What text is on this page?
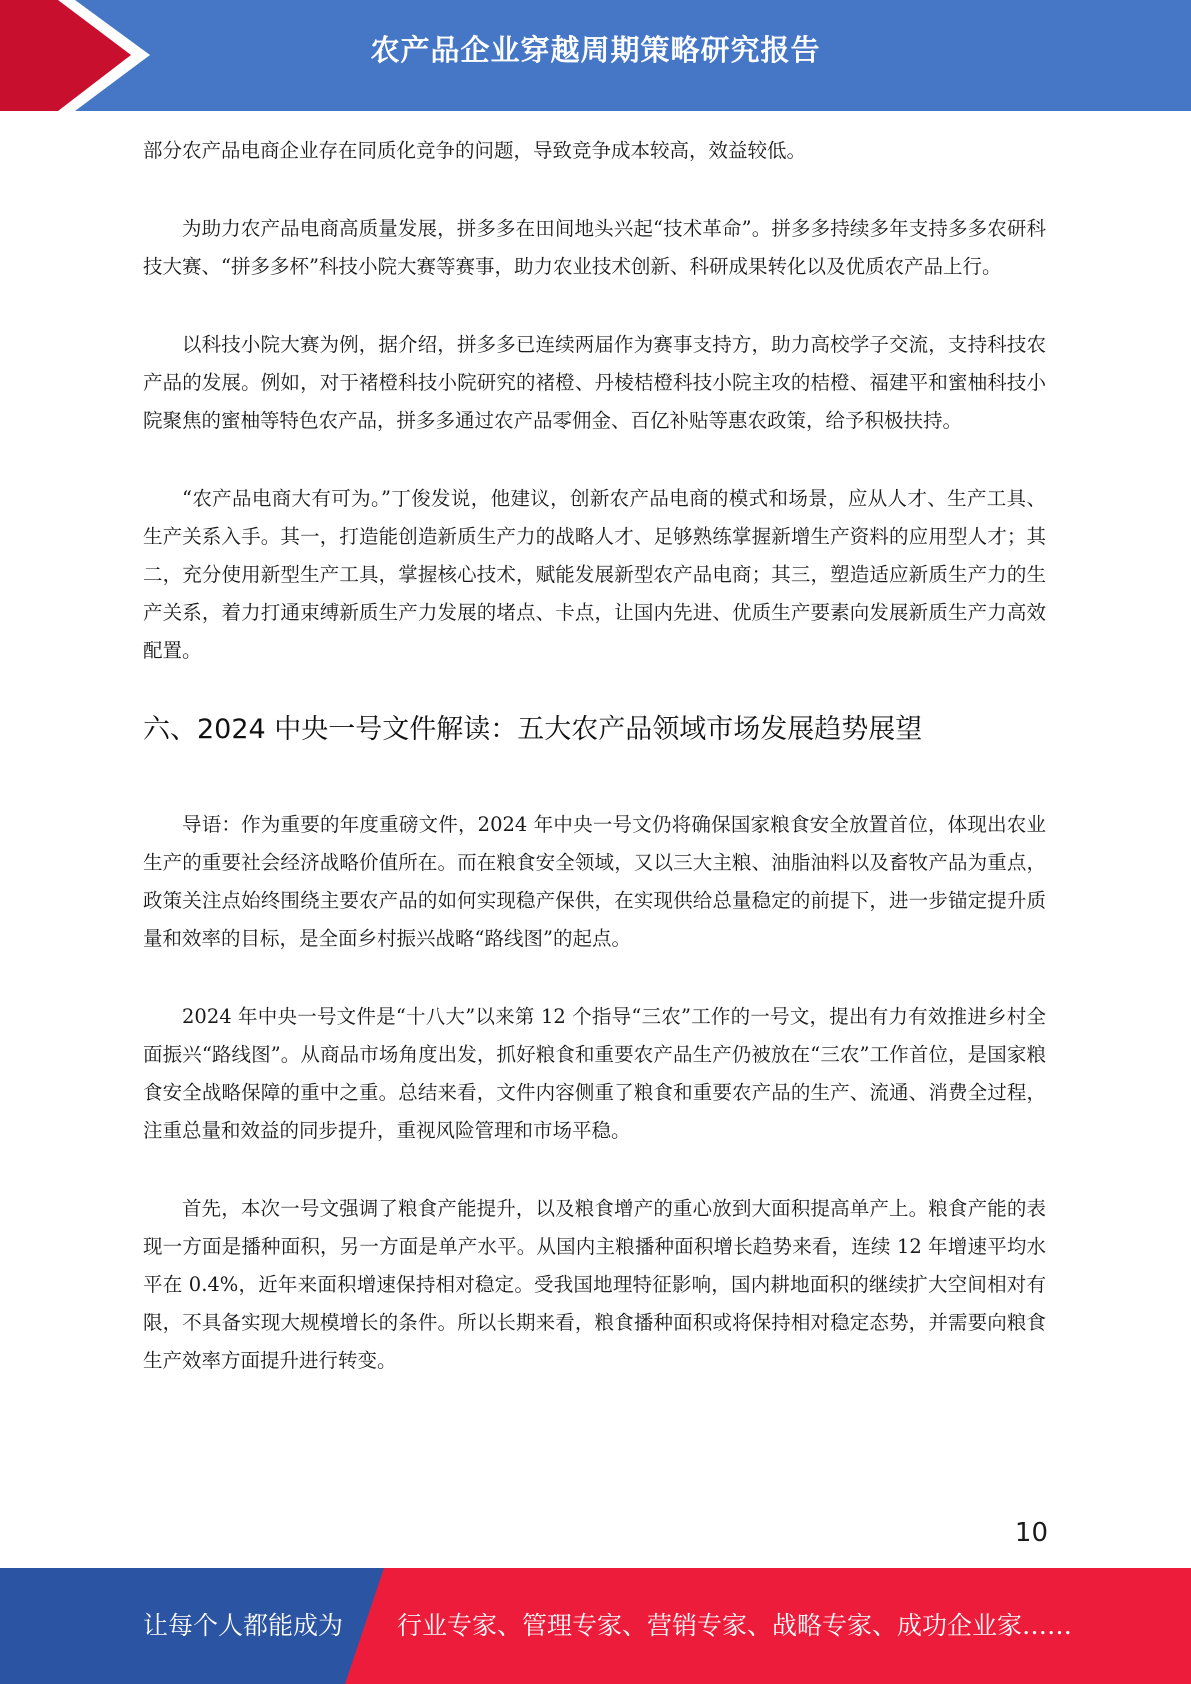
农产品企业穿越周期策略研究报告

部分农产品电商企业存在同质化竞争的问题，导致竞争成本较高，效益较低。

为助力农产品电商高质量发展，拼多多在田间地头兴起“技术革命”。拼多多持续多年支持多多农研科技大赛、“拼多多杯”科技小院大赛等赛事，助力农业技术创新、科研成果转化以及优质农产品上行。

以科技小院大赛为例，据介绍，拼多多已连续两届作为赛事支持方，助力高校学子交流，支持科技农产品的发展。例如，对于褚橙科技小院研究的褚橙、丹棱桔橙科技小院主攻的桔橙、福建平和蜜柚科技小院聚焦的蜜柚等特色农产品，拼多多通过农产品零佣金、百亿补贴等惠农政策，给予积极扶持。

“农产品电商大有可为。”丁俊发说，他建议，创新农产品电商的模式和场景，应从人才、生产工具、生产关系入手。其一，打造能创造新质生产力的战略人才、足够熟练掌握新增生产资料的应用型人才；其二，充分使用新型生产工具，掌握核心技术，赋能发展新型农产品电商；其三，塑造适应新质生产力的生产关系，着力打通束缚新质生产力发展的堵点、卡点，让国内先进、优质生产要素向发展新质生产力高效配置。

六、2024 中央一号文件解读：五大农产品领域市场发展趋势展望

导语：作为重要的年度重磅文件，2024 年中央一号文仍将确保国家粮食安全放置首位，体现出农业生产的重要社会经济战略价值所在。而在粮食安全领域，又以三大主粮、油脂油料以及畜牧产品为重点，政策关注点始终围绕主要农产品的如何实现稳产保供，在实现供给总量稳定的前提下，进一步锚定提升质量和效率的目标，是全面乡村振兴战略“路线图”的起点。

2024 年中央一号文件是“十八大”以来第 12 个指导“三农”工作的一号文，提出有力有效推进乡村全面振兴“路线图”。从商品市场角度出发，抓好粮食和重要农产品生产仍被放在“三农”工作首位，是国家粮食安全战略保障的重中之重。总结来看，文件内容侧重了粮食和重要农产品的生产、流通、消费全过程，注重总量和效益的同步提升，重视风险管理和市场平稳。

首先，本次一号文强调了粮食产能提升，以及粮食增产的重心放到大面积提高单产上。粮食产能的表现一方面是播种面积，另一方面是单产水平。从国内主粮播种面积增长趋势来看，连续 12 年增速平均水平在 0.4%，近年来面积增速保持相对稳定。受我国地理特征影响，国内耕地面积的继续扩大空间相对有限，不具备实现大规模增长的条件。所以长期来看，粮食播种面积或将保持相对稳定态势，并需要向粮食生产效率方面提升进行转变。

10
让每个人都能成为 行业专家、管理专家、营销专家、战略专家、成功企业家……
